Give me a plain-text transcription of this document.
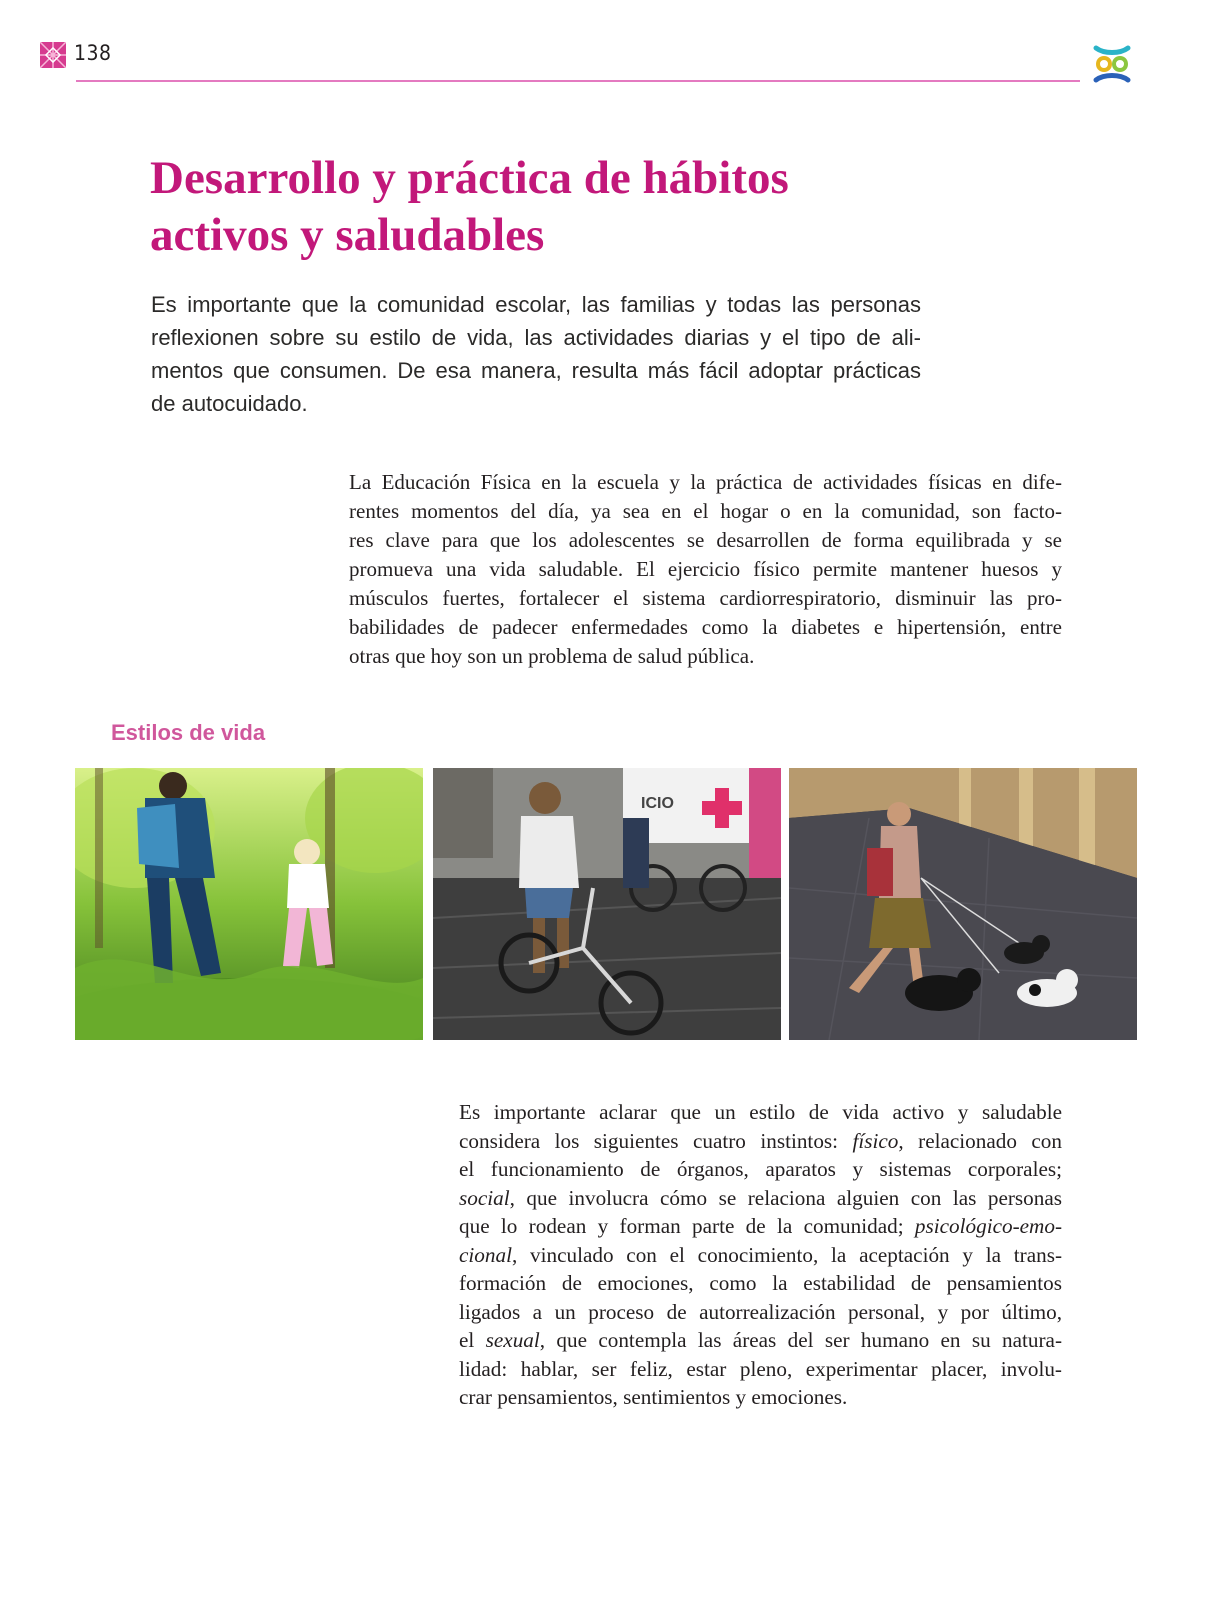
138
Desarrollo y práctica de hábitos
activos y saludables
Es importante que la comunidad escolar, las familias y todas las personas
reflexionen sobre su estilo de vida, las actividades diarias y el tipo de ali-
mentos que consumen. De esa manera, resulta más fácil adoptar prácticas
de autocuidado.
La Educación Física en la escuela y la práctica de actividades físicas en dife-
rentes momentos del día, ya sea en el hogar o en la comunidad, son facto-
res clave para que los adolescentes se desarrollen de forma equilibrada y se
promueva una vida saludable. El ejercicio físico permite mantener huesos y
músculos fuertes, fortalecer el sistema cardiorrespiratorio, disminuir las pro-
babilidades de padecer enfermedades como la diabetes e hipertensión, entre
otras que hoy son un problema de salud pública.
Estilos de vida
ICIO
Es importante aclarar que un estilo de vida activo y saludable
considera los siguientes cuatro instintos: físico, relacionado con
el funcionamiento de órganos, aparatos y sistemas corporales;
social, que involucra cómo se relaciona alguien con las personas
que lo rodean y forman parte de la comunidad; psicológico-emo-
cional, vinculado con el conocimiento, la aceptación y la trans-
formación de emociones, como la estabilidad de pensamientos
ligados a un proceso de autorrealización personal, y por último,
el sexual, que contempla las áreas del ser humano en su natura-
lidad: hablar, ser feliz, estar pleno, experimentar placer, involu-
crar pensamientos, sentimientos y emociones.
